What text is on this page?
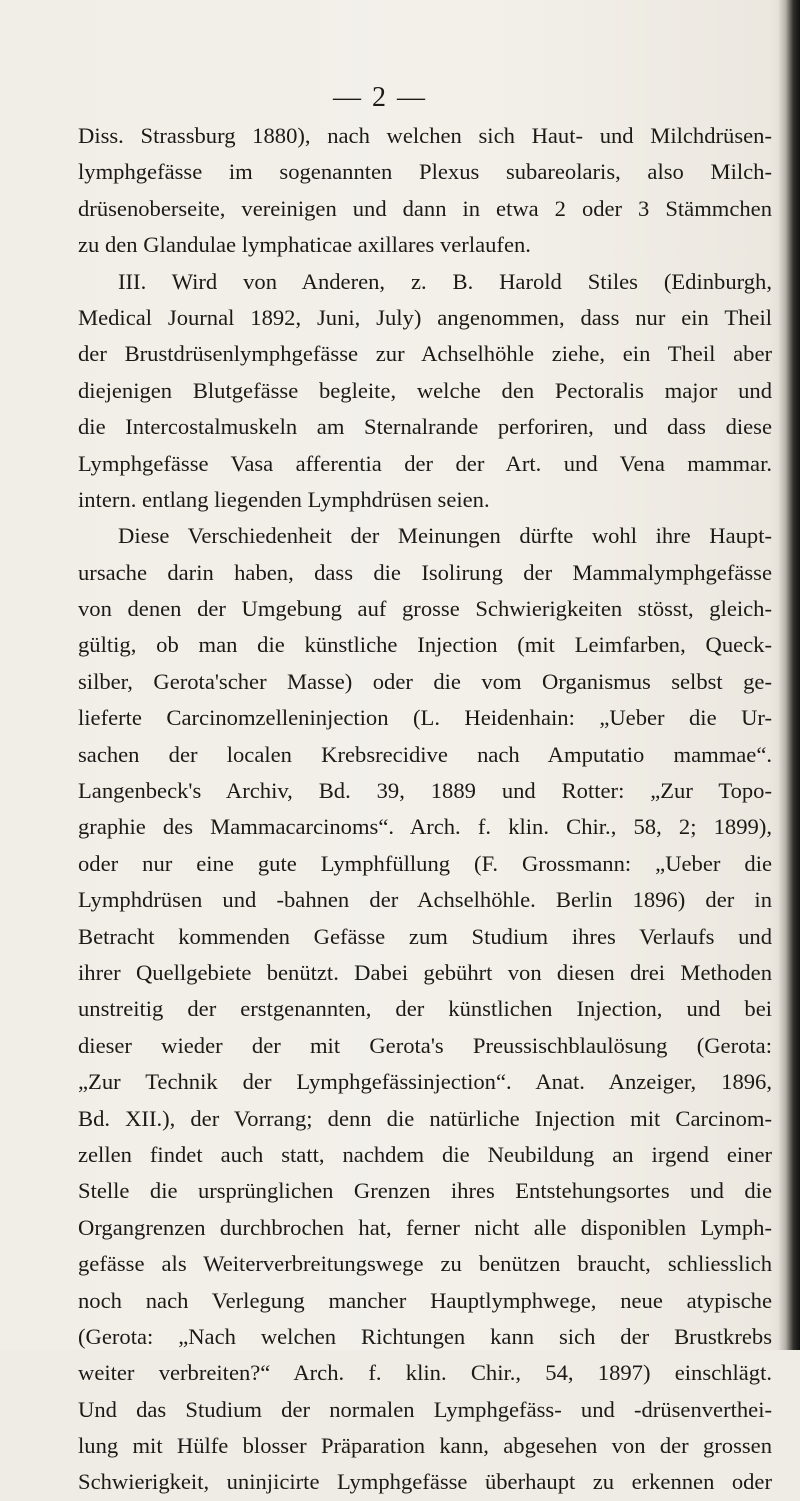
— 2 —
Diss. Strassburg 1880), nach welchen sich Haut- und Milchdrüsen-
lymphgefässe im sogenannten Plexus subareolaris, also Milch-
drüsenoberseite, vereinigen und dann in etwa 2 oder 3 Stämmchen
zu den Glandulae lymphaticae axillares verlaufen.
III. Wird von Anderen, z. B. Harold Stiles (Edinburgh,
Medical Journal 1892, Juni, July) angenommen, dass nur ein Theil
der Brustdrüsenlymphgefässe zur Achselhöhle ziehe, ein Theil aber
diejenigen Blutgefässe begleite, welche den Pectoralis major und
die Intercostalmuskeln am Sternalrande perforiren, und dass diese
Lymphgefässe Vasa afferentia der der Art. und Vena mammar.
intern. entlang liegenden Lymphdrüsen seien.
Diese Verschiedenheit der Meinungen dürfte wohl ihre Haupt-
ursache darin haben, dass die Isolirung der Mammalymphgefässe
von denen der Umgebung auf grosse Schwierigkeiten stösst, gleich-
gültig, ob man die künstliche Injection (mit Leimfarben, Queck-
silber, Gerota'scher Masse) oder die vom Organismus selbst ge-
lieferte Carcinomzelleninjection (L. Heidenhain: „Ueber die Ur-
sachen der localen Krebsrecidive nach Amputatio mammae“.
Langenbeck's Archiv, Bd. 39, 1889 und Rotter: „Zur Topo-
graphie des Mammacarcinoms“. Arch. f. klin. Chir., 58, 2; 1899),
oder nur eine gute Lymphfüllung (F. Grossmann: „Ueber die
Lymphdrüsen und -bahnen der Achselhöhle. Berlin 1896) der in
Betracht kommenden Gefässe zum Studium ihres Verlaufs und
ihrer Quellgebiete benützt. Dabei gebührt von diesen drei Methoden
unstreitig der erstgenannten, der künstlichen Injection, und bei
dieser wieder der mit Gerota's Preussischblaulösung (Gerota:
„Zur Technik der Lymphgefässinjection“. Anat. Anzeiger, 1896,
Bd. XII.), der Vorrang; denn die natürliche Injection mit Carcinom-
zellen findet auch statt, nachdem die Neubildung an irgend einer
Stelle die ursprünglichen Grenzen ihres Entstehungsortes und die
Organgrenzen durchbrochen hat, ferner nicht alle disponiblen Lymph-
gefässe als Weiterverbreitungswege zu benützen braucht, schliesslich
noch nach Verlegung mancher Hauptlymphwege, neue atypische
(Gerota: „Nach welchen Richtungen kann sich der Brustkrebs
weiter verbreiten?“ Arch. f. klin. Chir., 54, 1897) einschlägt.
Und das Studium der normalen Lymphgefäss- und -drüsenverthei-
lung mit Hülfe blosser Präparation kann, abgesehen von der grossen
Schwierigkeit, uninjicirte Lymphgefässe überhaupt zu erkennen oder
